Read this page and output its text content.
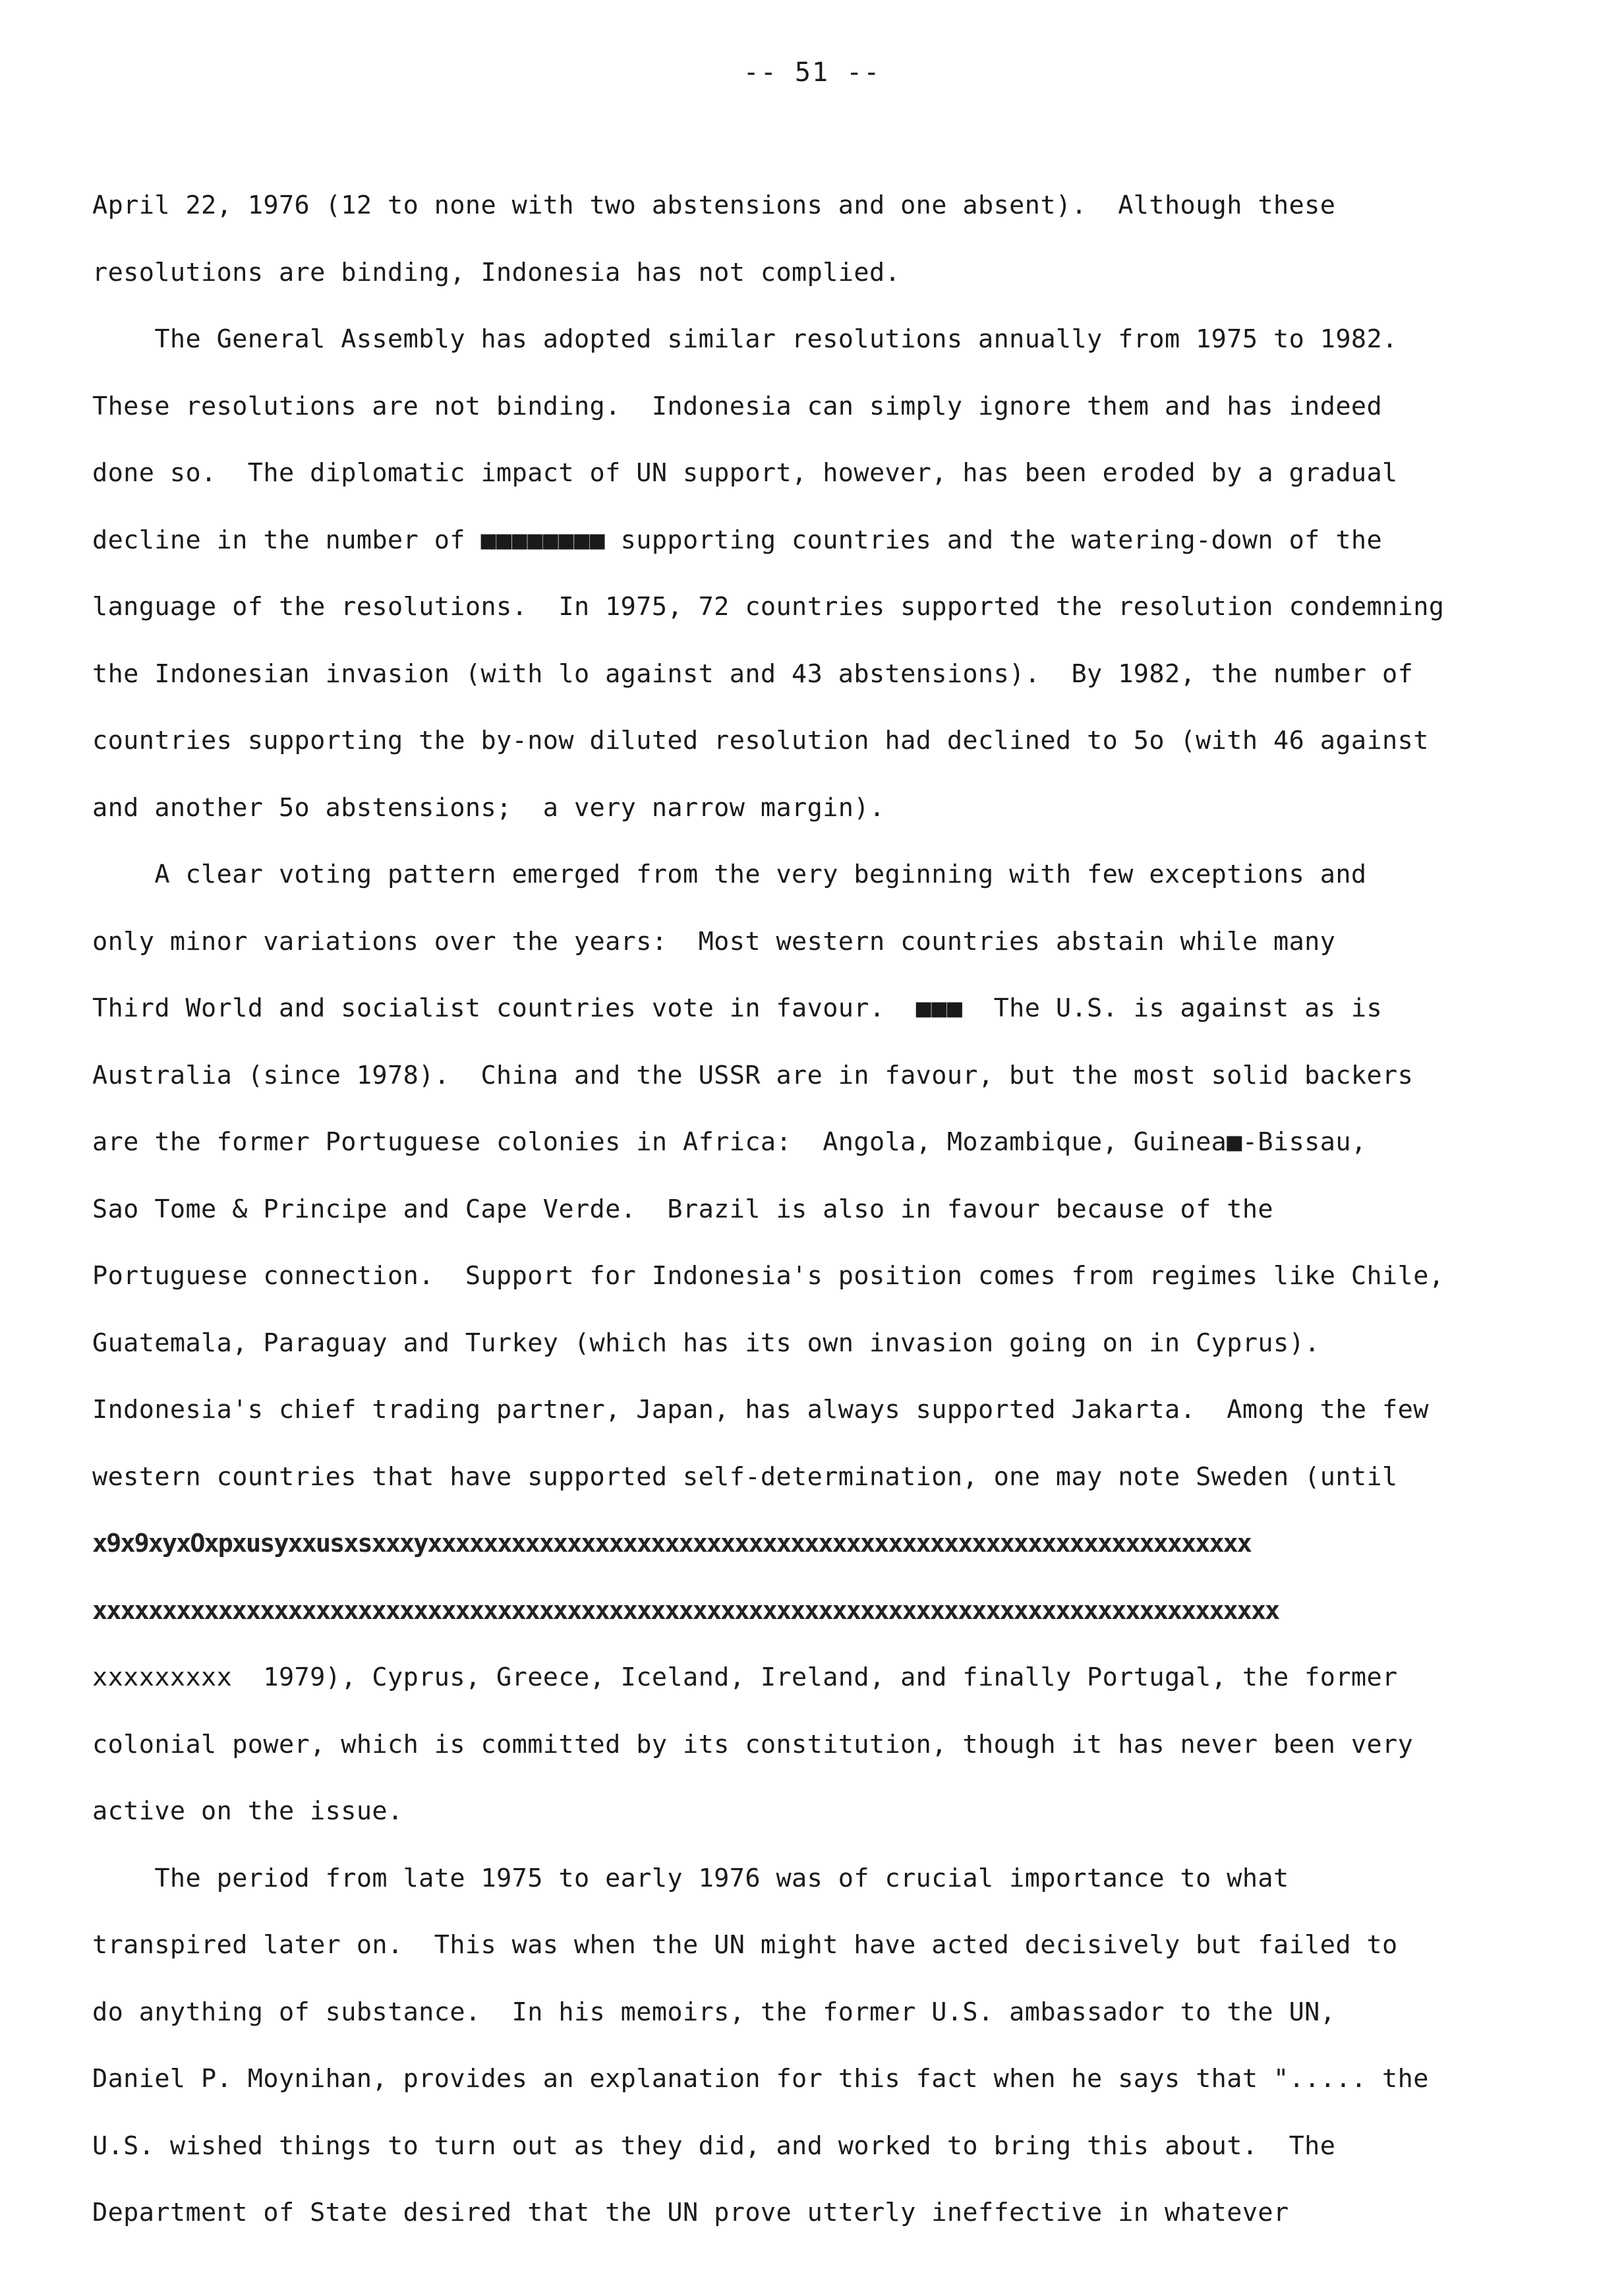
-- 51 --
April 22, 1976 (12 to none with two abstensions and one absent).  Although these
resolutions are binding, Indonesia has not complied.
The General Assembly has adopted similar resolutions annually from 1975 to 1982.
These resolutions are not binding.  Indonesia can simply ignore them and has indeed
done so.  The diplomatic impact of UN support, however, has been eroded by a gradual
decline in the number of ■■■■■■■■ supporting countries and the watering-down of the
language of the resolutions.  In 1975, 72 countries supported the resolution condemning
the Indonesian invasion (with lo against and 43 abstensions).  By 1982, the number of
countries supporting the by-now diluted resolution had declined to 5o (with 46 against
and another 5o abstensions;  a very narrow margin).
A clear voting pattern emerged from the very beginning with few exceptions and
only minor variations over the years:  Most western countries abstain while many
Third World and socialist countries vote in favour.  ■■■  The U.S. is against as is
Australia (since 1978).  China and the USSR are in favour, but the most solid backers
are the former Portuguese colonies in Africa:  Angola, Mozambique, Guinea■-Bissau,
Sao Tome & Principe and Cape Verde.  Brazil is also in favour because of the
Portuguese connection.  Support for Indonesia's position comes from regimes like Chile,
Guatemala, Paraguay and Turkey (which has its own invasion going on in Cyprus).
Indonesia's chief trading partner, Japan, has always supported Jakarta.  Among the few
western countries that have supported self-determination, one may note Sweden (until
x9x9xyxOxpxusyxxusxsxxxyxxxxxxxxxxxxxxxxxxxxxxxxxxxxxxxxxxxxxxxxxxxxxxxxxxxxxxxxxxx
xxxxxxxxxxxxxxxxxxxxxxxxxxxxxxxxxxxxxxxxxxxxxxxxxxxxxxxxxxxxxxxxxxxxxxxxxxxxxxxxxxxxx
xxxxxxxxx  1979), Cyprus, Greece, Iceland, Ireland, and finally Portugal, the former
colonial power, which is committed by its constitution, though it has never been very
active on the issue.
The period from late 1975 to early 1976 was of crucial importance to what
transpired later on.  This was when the UN might have acted decisively but failed to
do anything of substance.  In his memoirs, the former U.S. ambassador to the UN,
Daniel P. Moynihan, provides an explanation for this fact when he says that "..... the
U.S. wished things to turn out as they did, and worked to bring this about.  The
Department of State desired that the UN prove utterly ineffective in whatever
